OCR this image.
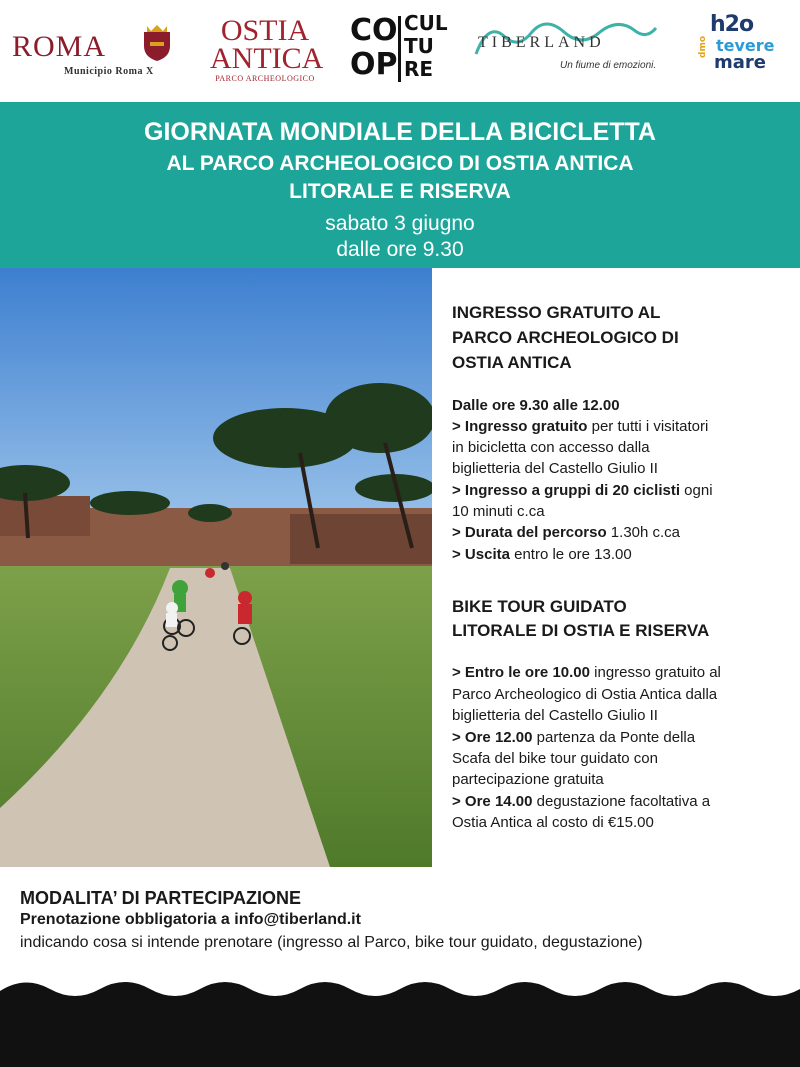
ROMA
Municipio Roma X
OSTIA
ANTICA
PARCO ARCHEOLOGICO
CO
OP
CUL
TU
RE
TIBERLAND
Un fiume di emozioni.
h2o
tevere
mare
dmo
GIORNATA MONDIALE DELLA BICICLETTA
AL PARCO ARCHEOLOGICO DI OSTIA ANTICA
LITORALE E RISERVA
sabato 3 giugno
dalle ore 9.30
INGRESSO GRATUITO AL
PARCO ARCHEOLOGICO DI
OSTIA ANTICA
Dalle ore 9.30 alle 12.00
> Ingresso gratuito per tutti i visitatori
in bicicletta con accesso dalla
biglietteria del Castello Giulio II
> Ingresso a gruppi di 20 ciclisti ogni
10 minuti c.ca
> Durata del percorso 1.30h c.ca
> Uscita entro le ore 13.00
BIKE TOUR GUIDATO
LITORALE DI OSTIA E RISERVA
> Entro le ore 10.00 ingresso gratuito al
Parco Archeologico di Ostia Antica dalla
biglietteria del Castello Giulio II
> Ore 12.00 partenza da Ponte della
Scafa del bike tour guidato con
partecipazione gratuita
> Ore 14.00 degustazione facoltativa a
Ostia Antica al costo di €15.00
MODALITA’ DI PARTECIPAZIONE
Prenotazione obbligatoria a info@tiberland.it
indicando cosa si intende prenotare (ingresso al Parco, bike tour guidato, degustazione)
